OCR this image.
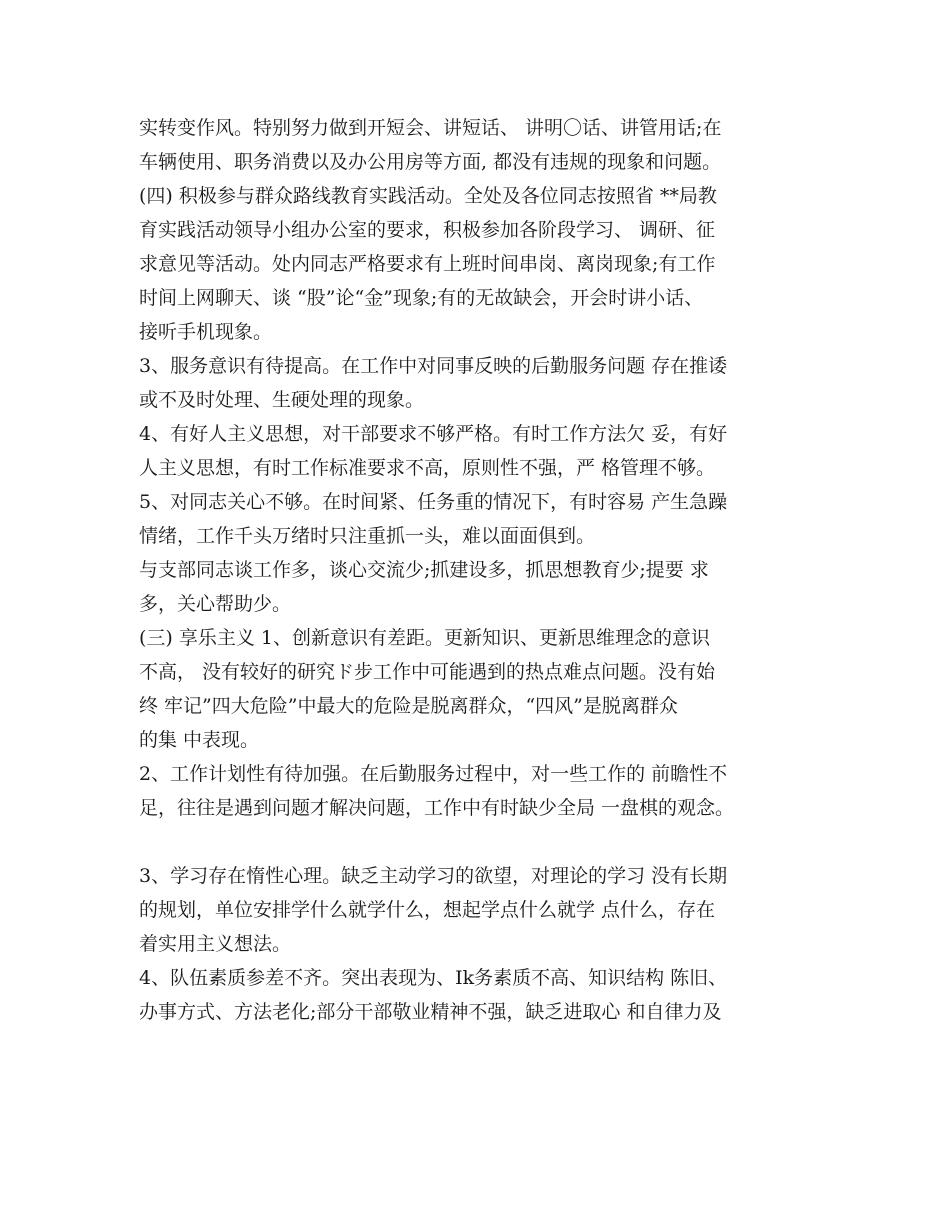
实转变作风。特别努力做到开短会、讲短话、 讲明〇话、讲管用话;在
车辆使用、职务消费以及办公用房等方面, 都没有违规的现象和问题。
(四) 积极参与群众路线教育实践活动。全处及各位同志按照省 **局教
育实践活动领导小组办公室的要求，积极参加各阶段学习、 调研、征
求意见等活动。处内同志严格要求有上班时间串岗、离岗现象;有工作
时间上网聊天、谈 “股”论“金”现象;有的无故缺会，开会时讲小话、
接听手机现象。
3、服务意识有待提高。在工作中对同事反映的后勤服务问题 存在推诿
或不及时处理、生硬处理的现象。
4、有好人主义思想，对干部要求不够严格。有时工作方法欠 妥，有好
人主义思想，有时工作标准要求不高，原则性不强，严 格管理不够。
5、对同志关心不够。在时间紧、任务重的情况下，有时容易 产生急躁
情绪，工作千头万绪时只注重抓一头，难以面面俱到。
与支部同志谈工作多，谈心交流少;抓建设多，抓思想教育少;提要 求
多，关心帮助少。
(三) 享乐主义 1、创新意识有差距。更新知识、更新思维理念的意识
不高， 没有较好的研究ド步工作中可能遇到的热点难点问题。没有始
终 牢记”四大危险”中最大的危险是脱离群众，“四风”是脱离群众
的集 中表现。
2、工作计划性有待加强。在后勤服务过程中，对一些工作的 前瞻性不
足，往往是遇到问题才解决问题，工作中有时缺少全局 一盘棋的观念。
3、学习存在惰性心理。缺乏主动学习的欲望，对理论的学习 没有长期
的规划，单位安排学什么就学什么，想起学点什么就学 点什么，存在
着实用主义想法。
4、队伍素质参差不齐。突出表现为、Ik务素质不高、知识结构 陈旧、
办事方式、方法老化;部分干部敬业精神不强，缺乏进取心 和自律力及
